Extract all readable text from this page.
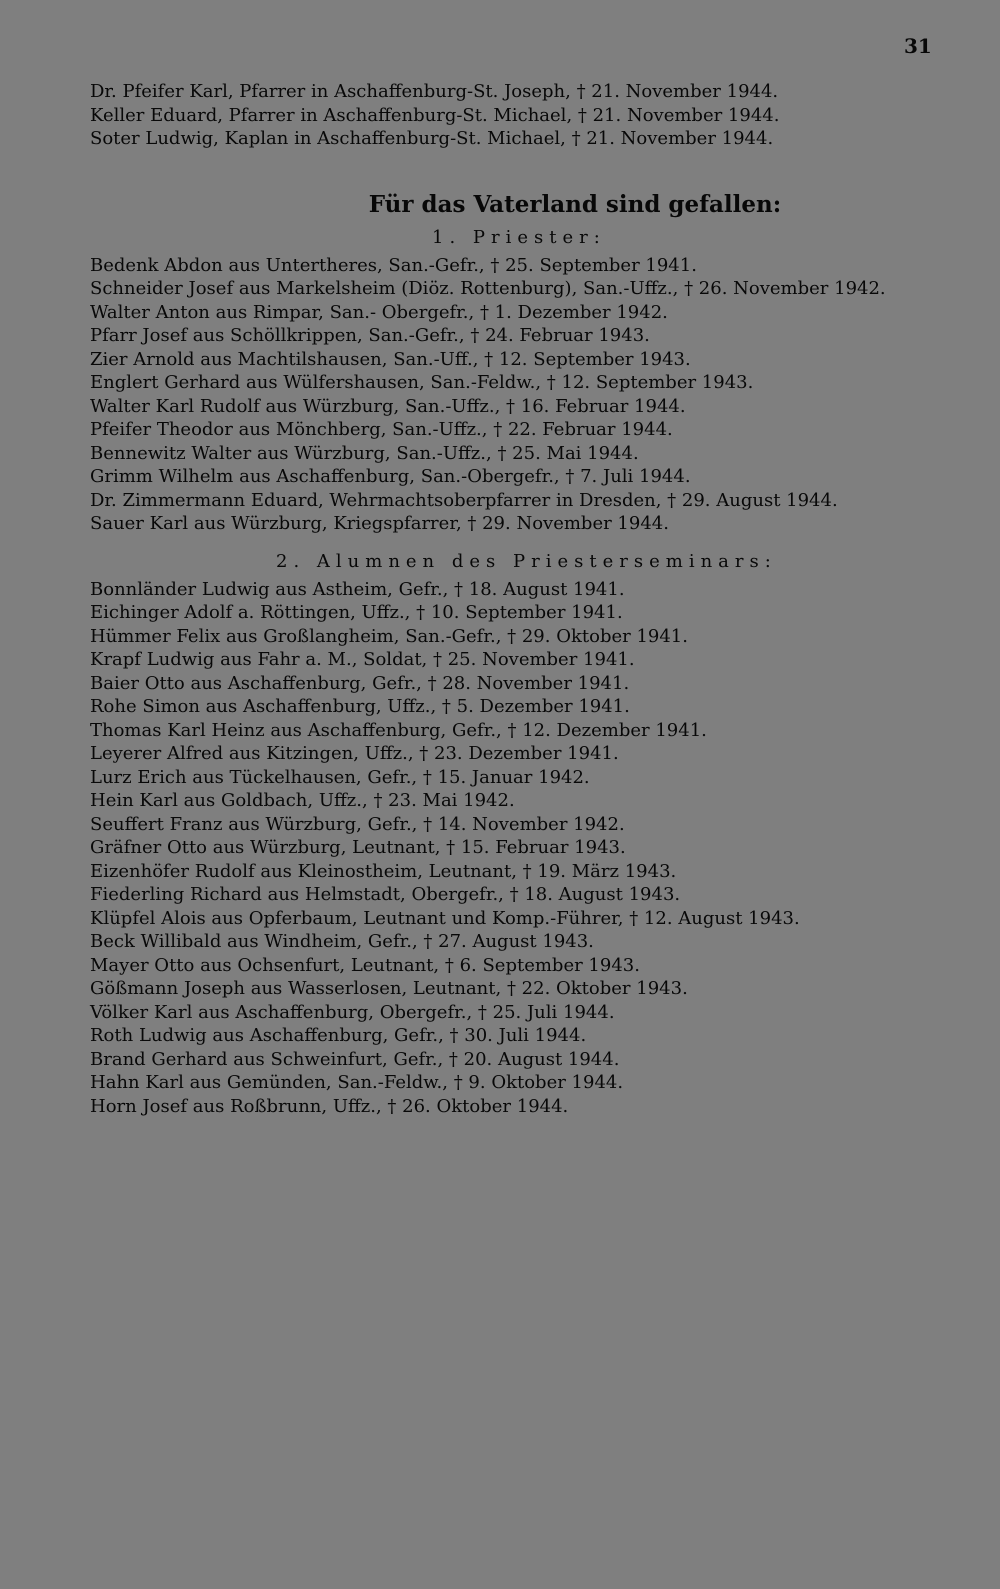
31
Dr. Pfeifer Karl, Pfarrer in Aschaffenburg-St. Joseph, † 21. November 1944.
Keller Eduard, Pfarrer in Aschaffenburg-St. Michael, † 21. November 1944.
Soter Ludwig, Kaplan in Aschaffenburg-St. Michael, † 21. November 1944.
Für das Vaterland sind gefallen:
1. Priester:
Bedenk Abdon aus Untertheres, San.-Gefr., † 25. September 1941.
Schneider Josef aus Markelsheim (Diöz. Rottenburg), San.-Uffz., † 26. November 1942.
Walter Anton aus Rimpar, San.- Obergefr., † 1. Dezember 1942.
Pfarr Josef aus Schöllkrippen, San.-Gefr., † 24. Februar 1943.
Zier Arnold aus Machtilshausen, San.-Uff., † 12. September 1943.
Englert Gerhard aus Wülfershausen, San.-Feldw., † 12. September 1943.
Walter Karl Rudolf aus Würzburg, San.-Uffz., † 16. Februar 1944.
Pfeifer Theodor aus Mönchberg, San.-Uffz., † 22. Februar 1944.
Bennewitz Walter aus Würzburg, San.-Uffz., † 25. Mai 1944.
Grimm Wilhelm aus Aschaffenburg, San.-Obergefr., † 7. Juli 1944.
Dr. Zimmermann Eduard, Wehrmachtsoberpfarrer in Dresden, † 29. August 1944.
Sauer Karl aus Würzburg, Kriegspfarrer, † 29. November 1944.
2. Alumnen des Priesterseminars:
Bonnländer Ludwig aus Astheim, Gefr., † 18. August 1941.
Eichinger Adolf a. Röttingen, Uffz., † 10. September 1941.
Hümmer Felix aus Großlangheim, San.-Gefr., † 29. Oktober 1941.
Krapf Ludwig aus Fahr a. M., Soldat, † 25. November 1941.
Baier Otto aus Aschaffenburg, Gefr., † 28. November 1941.
Rohe Simon aus Aschaffenburg, Uffz., † 5. Dezember 1941.
Thomas Karl Heinz aus Aschaffenburg, Gefr., † 12. Dezember 1941.
Leyerer Alfred aus Kitzingen, Uffz., † 23. Dezember 1941.
Lurz Erich aus Tückelhausen, Gefr., † 15. Januar 1942.
Hein Karl aus Goldbach, Uffz., † 23. Mai 1942.
Seuffert Franz aus Würzburg, Gefr., † 14. November 1942.
Gräfner Otto aus Würzburg, Leutnant, † 15. Februar 1943.
Eizenhöfer Rudolf aus Kleinostheim, Leutnant, † 19. März 1943.
Fiederling Richard aus Helmstadt, Obergefr., † 18. August 1943.
Klüpfel Alois aus Opferbaum, Leutnant und Komp.-Führer, † 12. August 1943.
Beck Willibald aus Windheim, Gefr., † 27. August 1943.
Mayer Otto aus Ochsenfurt, Leutnant, † 6. September 1943.
Gößmann Joseph aus Wasserlosen, Leutnant, † 22. Oktober 1943.
Völker Karl aus Aschaffenburg, Obergefr., † 25. Juli 1944.
Roth Ludwig aus Aschaffenburg, Gefr., † 30. Juli 1944.
Brand Gerhard aus Schweinfurt, Gefr., † 20. August 1944.
Hahn Karl aus Gemünden, San.-Feldw., † 9. Oktober 1944.
Horn Josef aus Roßbrunn, Uffz., † 26. Oktober 1944.
